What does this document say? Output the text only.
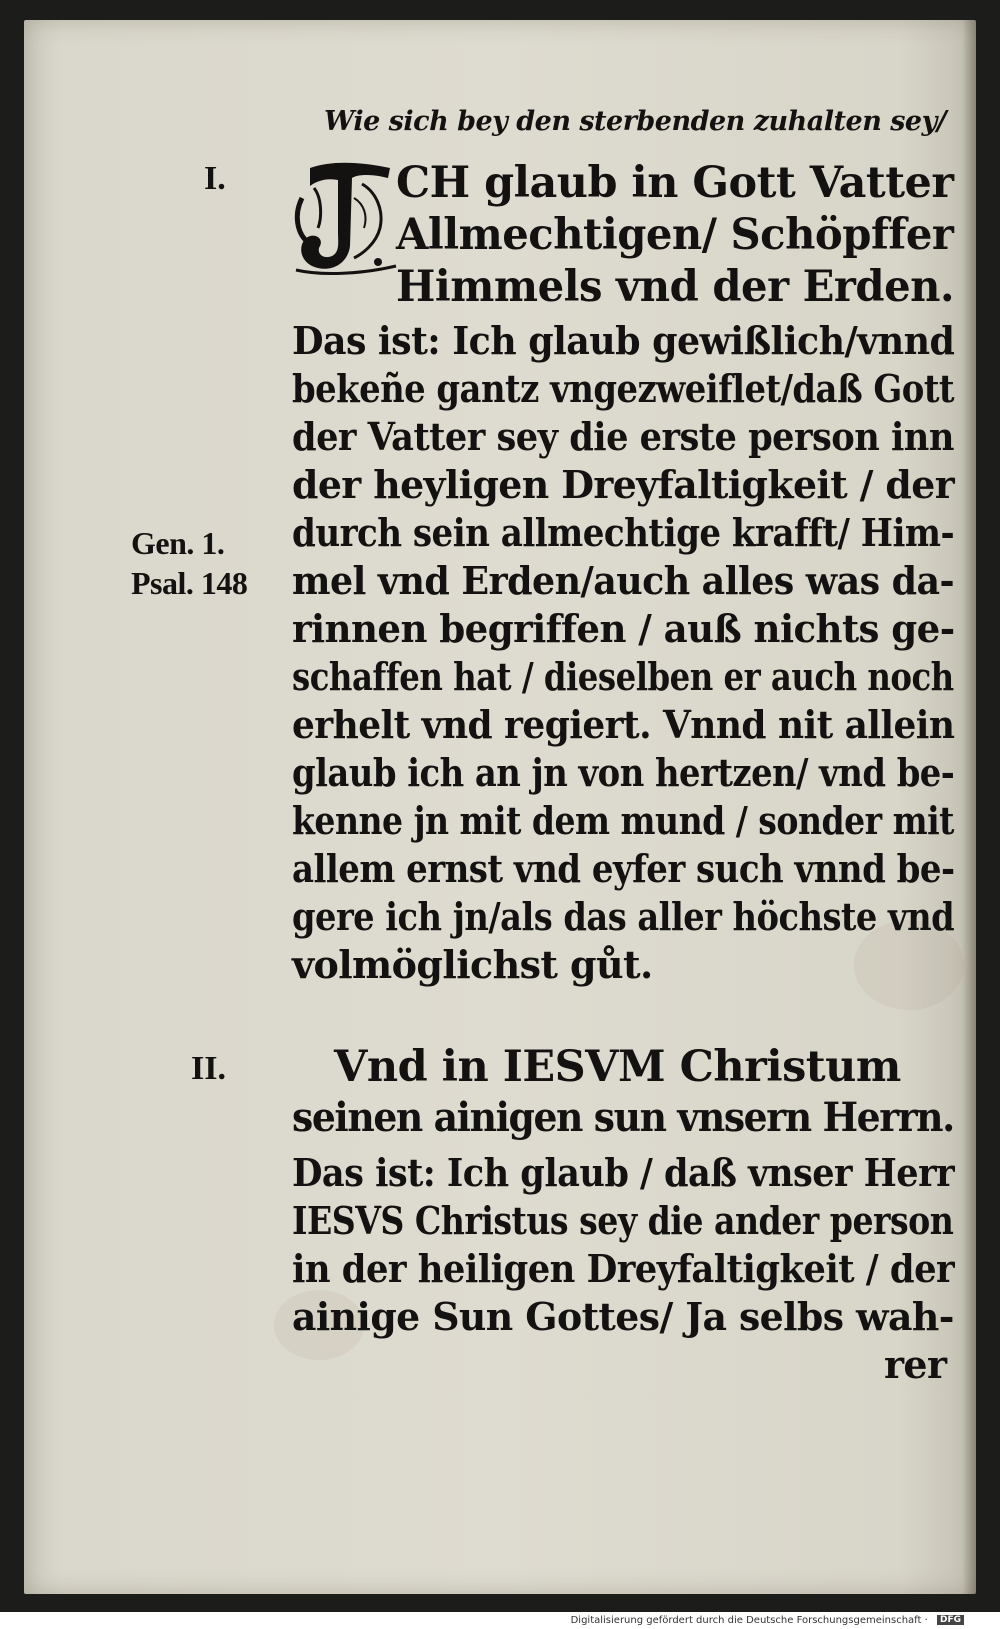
Wie sich bey den sterbenden zuhalten sey/

I.

II.

Gen. 1.

Psal. 148

CH glaub in Gott Vatter

Allmechtigen/ Schöpffer

Himmels vnd der Erden.

Das ist: Ich glaub gewißlich/vnnd

bekeñe gantz vngezweiflet/daß Gott

der Vatter sey die erste person inn

der heyligen Dreyfaltigkeit / der

durch sein allmechtige krafft/ Him-

mel vnd Erden/auch alles was da-

rinnen begriffen / auß nichts ge-

schaffen hat / dieselben er auch noch

erhelt vnd regiert. Vnnd nit allein

glaub ich an jn von hertzen/ vnd be-

kenne jn mit dem mund / sonder mit

allem ernst vnd eyfer such vnnd be-

gere ich jn/als das aller höchste vnd

volmöglichst gůt.

Vnd in IESVM Christum

seinen ainigen sun vnsern Herrn.

Das ist: Ich glaub / daß vnser Herr

IESVS Christus sey die ander person

in der heiligen Dreyfaltigkeit / der

ainige Sun Gottes/ Ja selbs wah-

rer

Digitalisierung gefördert durch die Deutsche Forschungsgemeinschaft · DFG
